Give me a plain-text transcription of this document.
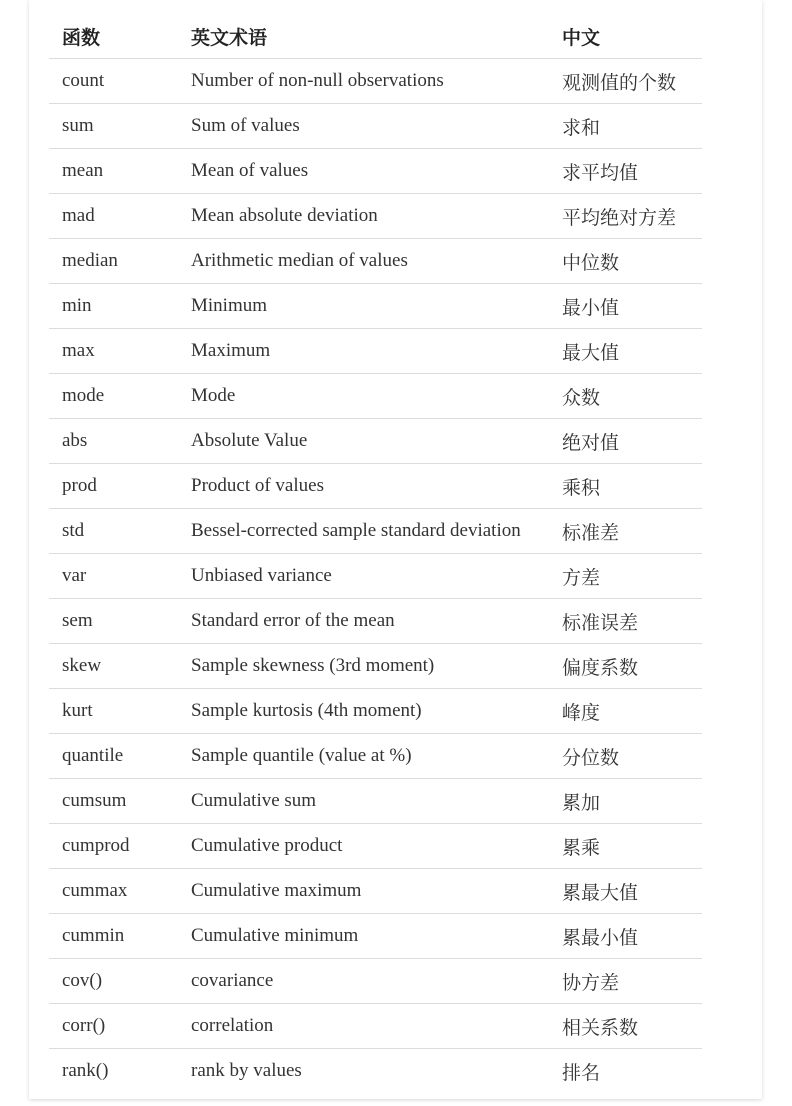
函数	英文术语	中文
count	Number of non-null observations	观测值的个数
sum	Sum of values	求和
mean	Mean of values	求平均值
mad	Mean absolute deviation	平均绝对方差
median	Arithmetic median of values	中位数
min	Minimum	最小值
max	Maximum	最大值
mode	Mode	众数
abs	Absolute Value	绝对值
prod	Product of values	乘积
std	Bessel-corrected sample standard deviation	标准差
var	Unbiased variance	方差
sem	Standard error of the mean	标准误差
skew	Sample skewness (3rd moment)	偏度系数
kurt	Sample kurtosis (4th moment)	峰度
quantile	Sample quantile (value at %)	分位数
cumsum	Cumulative sum	累加
cumprod	Cumulative product	累乘
cummax	Cumulative maximum	累最大值
cummin	Cumulative minimum	累最小值
cov()	covariance	协方差
corr()	correlation	相关系数
rank()	rank by values	排名
